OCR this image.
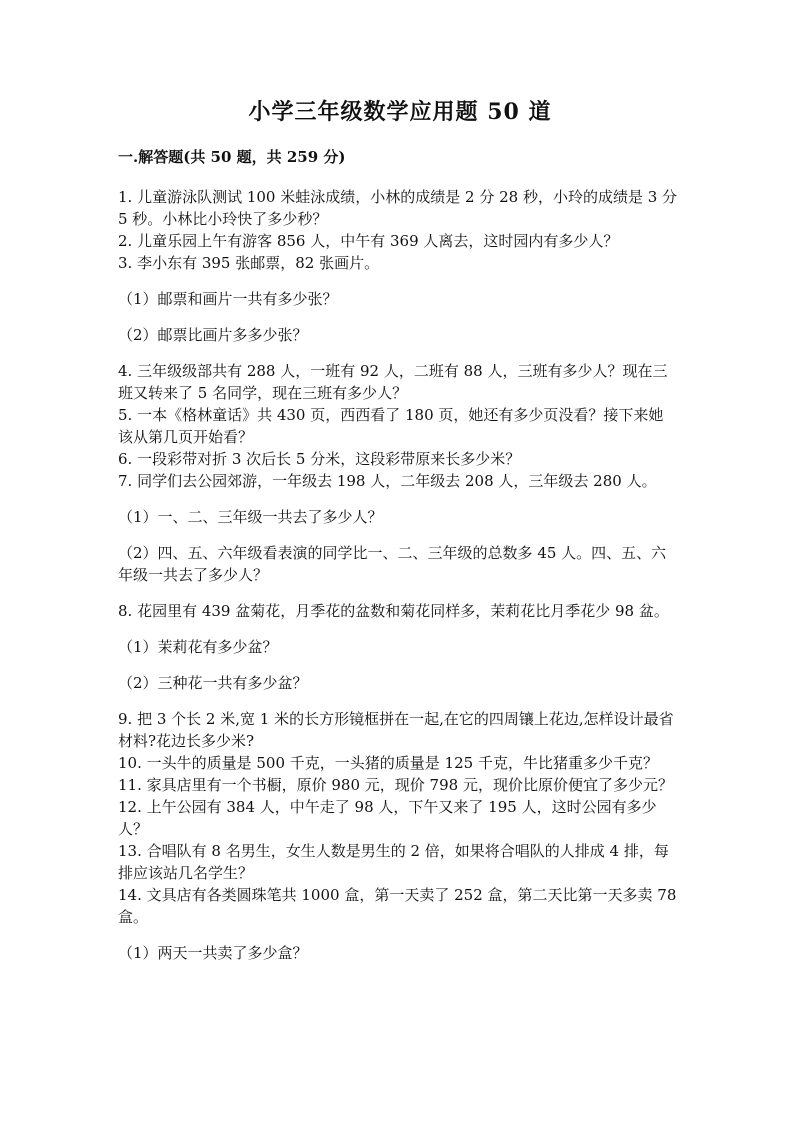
小学三年级数学应用题 50 道
一.解答题(共 50 题，共 259 分)

1. 儿童游泳队测试 100 米蛙泳成绩，小林的成绩是 2 分 28 秒，小玲的成绩是 3 分 5 秒。小林比小玲快了多少秒？

2. 儿童乐园上午有游客 856 人，中午有 369 人离去，这时园内有多少人？

3. 李小东有 395 张邮票，82 张画片。

（1）邮票和画片一共有多少张？

（2）邮票比画片多多少张？

4. 三年级级部共有 288 人，一班有 92 人，二班有 88 人，三班有多少人？现在三班又转来了 5 名同学，现在三班有多少人？

5. 一本《格林童话》共 430 页，西西看了 180 页，她还有多少页没看？接下来她该从第几页开始看？

6. 一段彩带对折 3 次后长 5 分米，这段彩带原来长多少米？

7. 同学们去公园郊游，一年级去 198 人，二年级去 208 人，三年级去 280 人。

（1）一、二、三年级一共去了多少人？

（2）四、五、六年级看表演的同学比一、二、三年级的总数多 45 人。四、五、六年级一共去了多少人？

8. 花园里有 439 盆菊花，月季花的盆数和菊花同样多，茉莉花比月季花少 98 盆。

（1）茉莉花有多少盆？

（2）三种花一共有多少盆？

9. 把 3 个长 2 米,宽 1 米的长方形镜框拼在一起,在它的四周镶上花边,怎样设计最省材料?花边长多少米?

10. 一头牛的质量是 500 千克，一头猪的质量是 125 千克，牛比猪重多少千克？

11. 家具店里有一个书橱，原价 980 元，现价 798 元，现价比原价便宜了多少元？

12. 上午公园有 384 人，中午走了 98 人，下午又来了 195 人，这时公园有多少人？

13. 合唱队有 8 名男生，女生人数是男生的 2 倍，如果将合唱队的人排成 4 排，每排应该站几名学生？

14. 文具店有各类圆珠笔共 1000 盒，第一天卖了 252 盒，第二天比第一天多卖 78 盒。

（1）两天一共卖了多少盒？
